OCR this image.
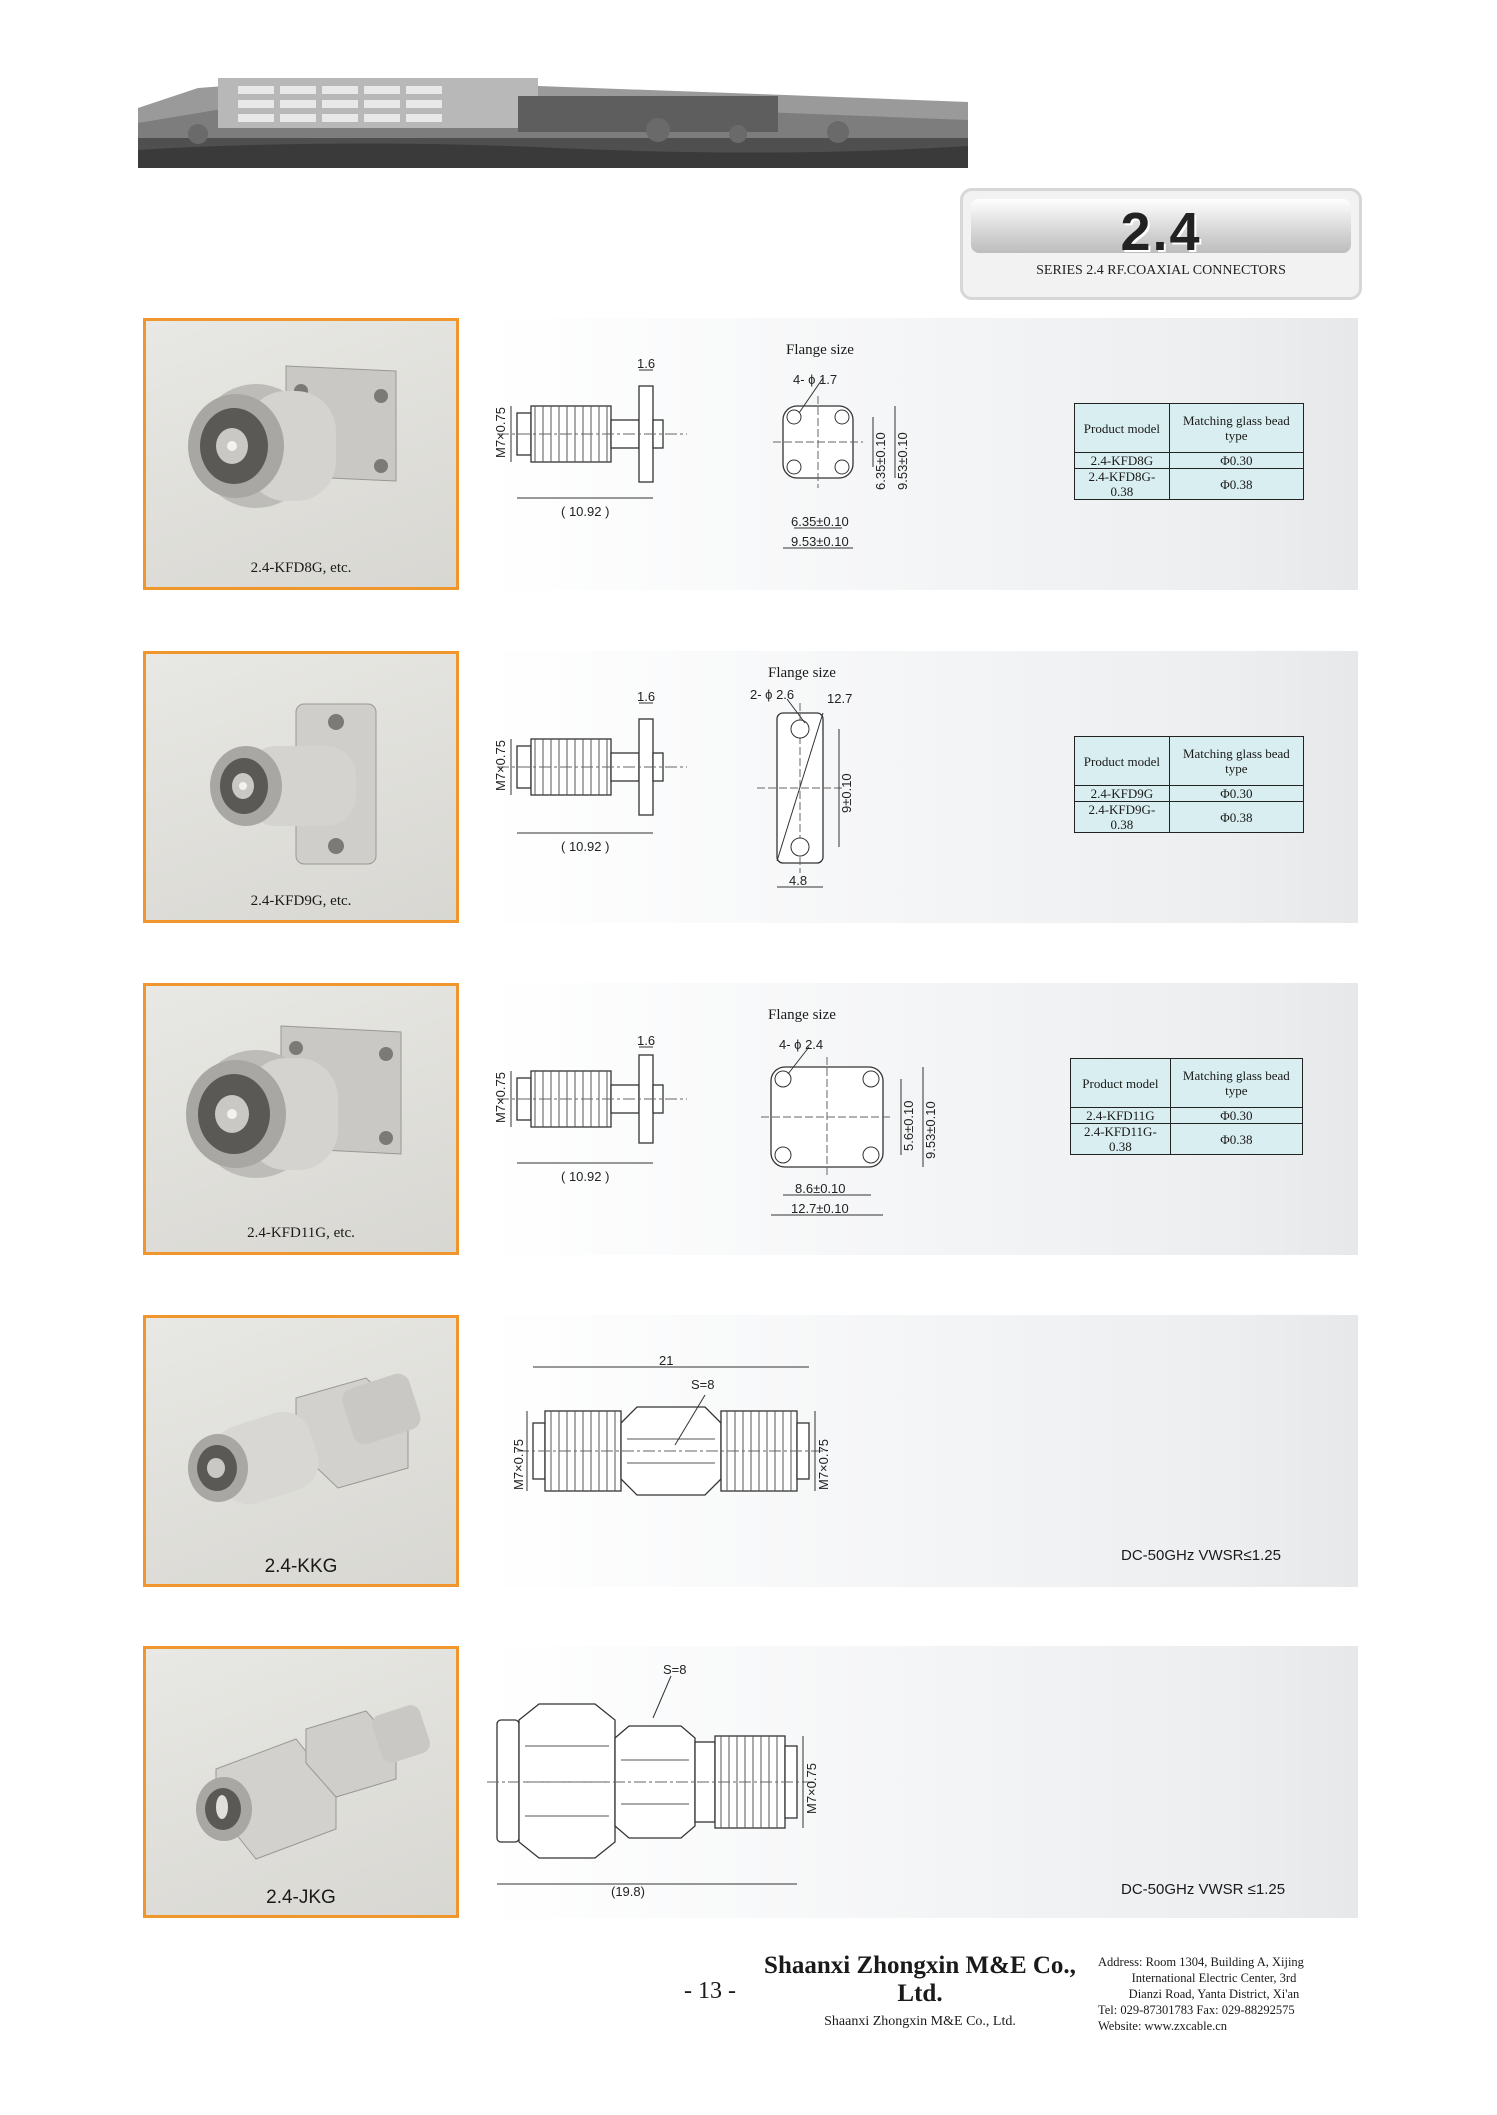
2.4
SERIES 2.4 RF.COAXIAL CONNECTORS
2.4-KFD8G, etc.
M7×0.75
( 10.92 )
1.6
4- ϕ 1.7
6.35±0.10 9.53±0.10
6.35±0.10
9.53±0.10
Flange size
Product model	Matching glass bead type
2.4-KFD8G	Φ0.30
2.4-KFD8G-0.38	Φ0.38
2.4-KFD9G, etc.
M7×0.75
( 10.92 )
1.6	2- ϕ 2.6	12.7
9±0.10
4.8
Flange size
Product model	Matching glass bead type
2.4-KFD9G	Φ0.30
2.4-KFD9G-0.38	Φ0.38
2.4-KFD11G, etc.
M7×0.75
( 10.92 )
1.6	4- ϕ 2.4
5.6±0.10 9.53±0.10
8.6±0.10
12.7±0.10
Flange size
Product model	Matching glass bead type
2.4-KFD11G	Φ0.30
2.4-KFD11G-0.38	Φ0.38
2.4-KKG
21
S=8
M7×0.75	M7×0.75
DC-50GHz VWSR≤1.25
2.4-JKG	(19.8)
S=8
M7×0.75
DC-50GHz VWSR ≤1.25
- 13 -
Shaanxi Zhongxin M&E Co., Ltd.
Shaanxi Zhongxin M&E Co., Ltd.
Address: Room 1304, Building A, Xijing
International Electric Center, 3rd
Dianzi Road, Yanta District, Xi'an
Tel: 029-87301783 Fax: 029-88292575
Website: www.zxcable.cn
